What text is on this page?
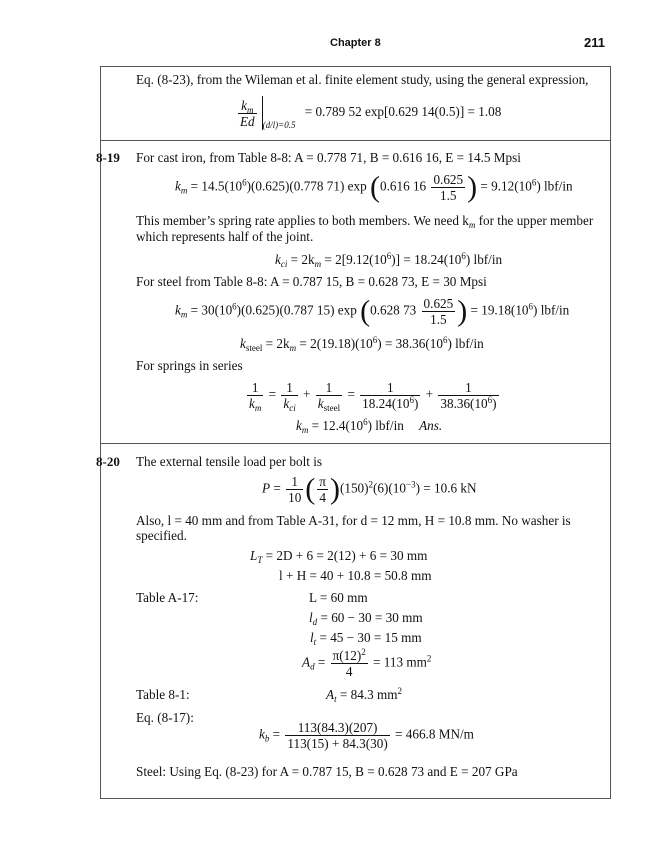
Chapter 8	211
Eq. (8-23), from the Wileman et al. finite element study, using the general expression,
$\frac{k_m}{Ed} _{(d/l)=0.5} = 0.789$ 52 exp[0.629 14(0.5)] = 1.08
8-19 For cast iron, from Table 8-8: A = 0.778 71, B = 0.616 16, E = 14.5 Mpsi
$k_m = 14.5(10^6)(0.625)(0.778$ 71) exp (0.616 $16 \frac{0.625}{1.5}$ ) = $9.12(10^6)$ lbf/in
This member’s spring rate applies to both members. We need $k_m$ for the upper member
which represents half of the joint.
$k_{ci} = 2k_m = 2[9.12(10^6)] = 18.24(10^6)$ lbf/in
For steel from Table 8-8: A = 0.787 15, B = 0.628 73, E = 30 Mpsi
$k_m = 30(10^6)(0.625)(0.787$ 15) exp (0.628 $73 \frac{0.625}{1.5}$ ) = $19.18(10^6)$ lbf/in
$k_{steel} = 2k_m = 2(19.18)(10^6) = 38.36(10^6)$ lbf/in
For springs in series
$\frac{1}{k_m} = \frac{1}{k_{ci}} + \frac{1}{k_{steel}} = \frac{1}{18.24(10^6)} + \frac{1}{38.36(10^6)}$
$k_m = 12.4(10^6)$ lbf/in Ans.
8-20 The external tensile load per bolt is
$P = \frac{1}{10}$ ( $\frac{\pi}{4} )(150)^2(6)(10^{-3}) = 10.6$ kN
Also, l = 40 mm and from Table A-31, for d = 12 mm, H = 10.8 mm. No washer is
specified.
$L_T = 2D + 6 = 2(12) + 6 = 30$ mm
l + H = 40 + 10.8 = 50.8 mm
Table A-17:	L = 60 mm
$l_d = 60 - 30 = 30$ mm
$l_t = 45 - 30 = 15$ mm
$A_d = \frac{\pi(12)^2}{4} = 113$ $mm^2$
Table 8-1:	$A_t = 84.3$ $mm^2$
Eq. (8-17):
$k_b = \frac{113(84.3)(207)}{113(15) + 84.3(30)} = 466.8$ MN/m
Steel: Using Eq. (8-23) for A = 0.787 15, B = 0.628 73 and E = 207 GPa
